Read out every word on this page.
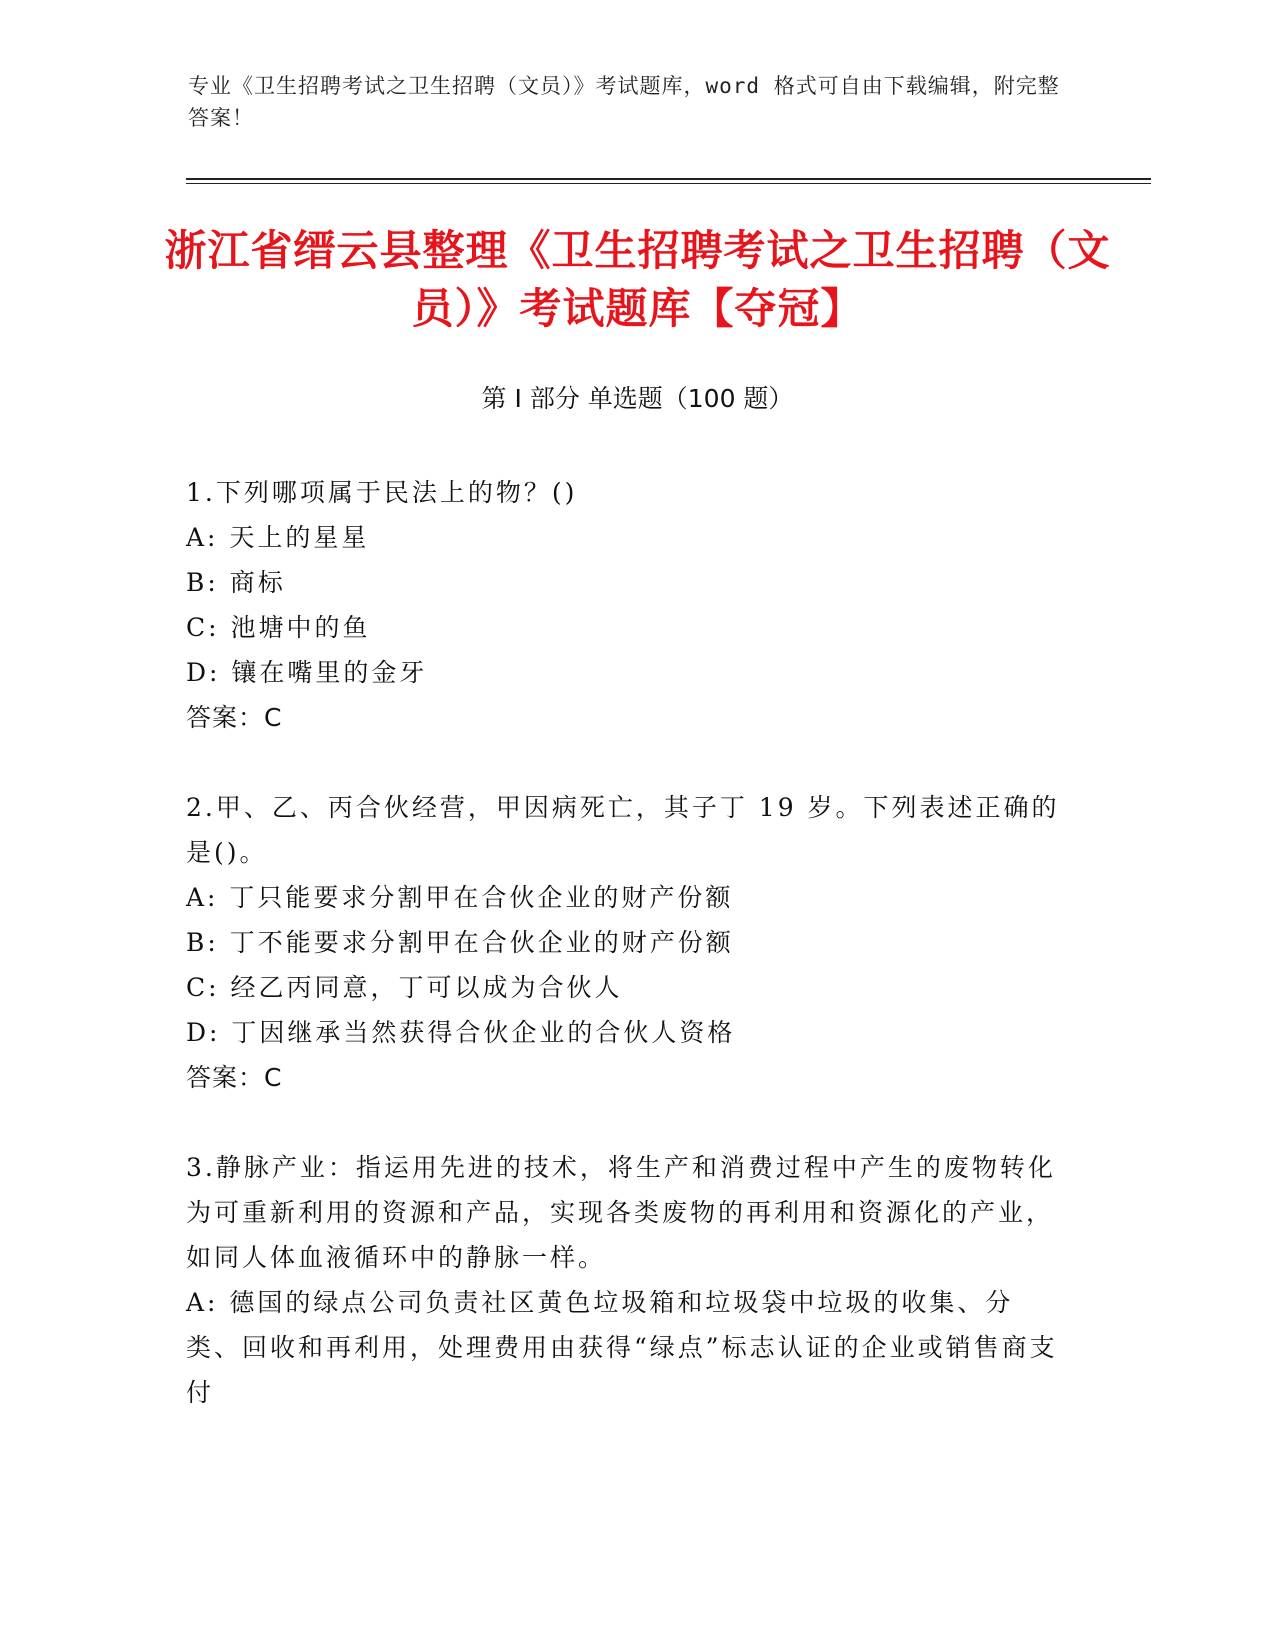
专业《卫生招聘考试之卫生招聘（文员）》考试题库，word 格式可自由下载编辑，附完整答案！
浙江省缙云县整理《卫生招聘考试之卫生招聘（文员）》考试题库【夺冠】
第 I 部分 单选题（100 题）
1.下列哪项属于民法上的物？()
A: 天上的星星
B: 商标
C: 池塘中的鱼
D: 镶在嘴里的金牙
答案：C
2.甲、乙、丙合伙经营，甲因病死亡，其子丁 19 岁。下列表述正确的是()。
A: 丁只能要求分割甲在合伙企业的财产份额
B: 丁不能要求分割甲在合伙企业的财产份额
C: 经乙丙同意，丁可以成为合伙人
D: 丁因继承当然获得合伙企业的合伙人资格
答案：C
3.静脉产业：指运用先进的技术，将生产和消费过程中产生的废物转化为可重新利用的资源和产品，实现各类废物的再利用和资源化的产业，如同人体血液循环中的静脉一样。
A: 德国的绿点公司负责社区黄色垃圾箱和垃圾袋中垃圾的收集、分类、回收和再利用，处理费用由获得“绿点”标志认证的企业或销售商支付
